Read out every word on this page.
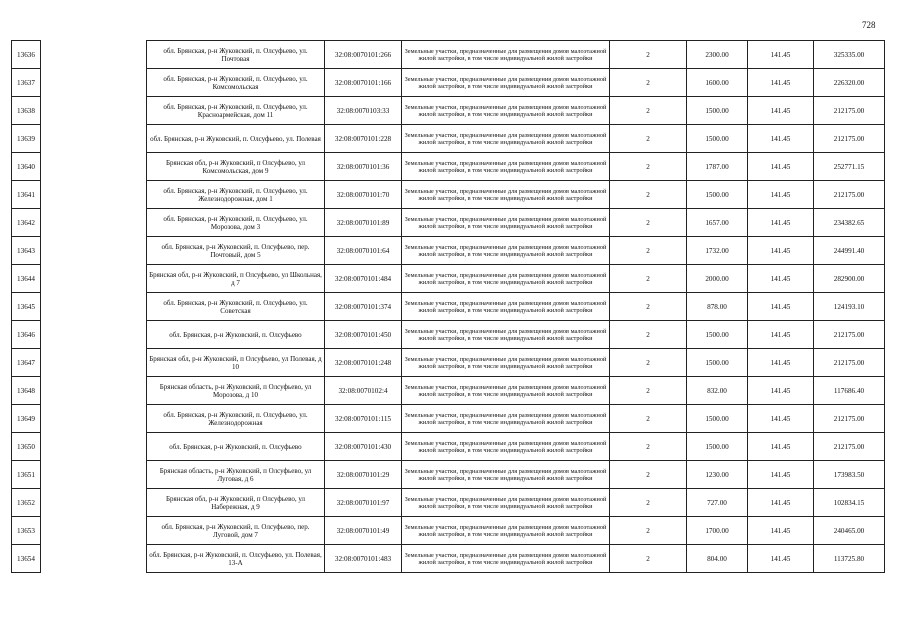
728
13636		обл. Брянская, р-н Жуковский, п. Олсуфьево, ул. Почтовая	32:08:0070101:266	Земельные участки, предназначенные для размещения домов малоэтажной жилой застройки, в том числе индивидуальной жилой застройки	2	2300.00	141.45	325335.00
13637		обл. Брянская, р-н Жуковский, п. Олсуфьево, ул. Комсомольская	32:08:0070101:166	Земельные участки, предназначенные для размещения домов малоэтажной жилой застройки, в том числе индивидуальной жилой застройки	2	1600.00	141.45	226320.00
13638		обл. Брянская, р-н Жуковский, п. Олсуфьево, ул. Красноармейская, дом 11	32:08:0070103:33	Земельные участки, предназначенные для размещения домов малоэтажной жилой застройки, в том числе индивидуальной жилой застройки	2	1500.00	141.45	212175.00
13639		обл. Брянская, р-н Жуковский, п. Олсуфьево, ул. Полевая	32:08:0070101:228	Земельные участки, предназначенные для размещения домов малоэтажной жилой застройки, в том числе индивидуальной жилой застройки	2	1500.00	141.45	212175.00
13640		Брянская обл, р-н Жуковский, п Олсуфьево, ул Комсомольская, дом 9	32:08:0070101:36	Земельные участки, предназначенные для размещения домов малоэтажной жилой застройки, в том числе индивидуальной жилой застройки	2	1787.00	141.45	252771.15
13641		обл. Брянская, р-н Жуковский, п. Олсуфьево, ул. Железнодорожная, дом 1	32:08:0070101:70	Земельные участки, предназначенные для размещения домов малоэтажной жилой застройки, в том числе индивидуальной жилой застройки	2	1500.00	141.45	212175.00
13642		обл. Брянская, р-н Жуковский, п. Олсуфьево, ул. Морозова, дом 3	32:08:0070101:89	Земельные участки, предназначенные для размещения домов малоэтажной жилой застройки, в том числе индивидуальной жилой застройки	2	1657.00	141.45	234382.65
13643		обл. Брянская, р-н Жуковский, п. Олсуфьево, пер. Почтовый, дом 5	32:08:0070101:64	Земельные участки, предназначенные для размещения домов малоэтажной жилой застройки, в том числе индивидуальной жилой застройки	2	1732.00	141.45	244991.40
13644		Брянская обл, р-н Жуковский, п Олсуфьево, ул Школьная, д 7	32:08:0070101:484	Земельные участки, предназначенные для размещения домов малоэтажной жилой застройки, в том числе индивидуальной жилой застройки	2	2000.00	141.45	282900.00
13645		обл. Брянская, р-н Жуковский, п. Олсуфьево, ул. Советская	32:08:0070101:374	Земельные участки, предназначенные для размещения домов малоэтажной жилой застройки, в том числе индивидуальной жилой застройки	2	878.00	141.45	124193.10
13646		обл. Брянская, р-н Жуковский, п. Олсуфьево	32:08:0070101:450	Земельные участки, предназначенные для размещения домов малоэтажной жилой застройки, в том числе индивидуальной жилой застройки	2	1500.00	141.45	212175.00
13647		Брянская обл, р-н Жуковский, п Олсуфьево, ул Полевая, д 10	32:08:0070101:248	Земельные участки, предназначенные для размещения домов малоэтажной жилой застройки, в том числе индивидуальной жилой застройки	2	1500.00	141.45	212175.00
13648		Брянская область, р-н Жуковский, п Олсуфьево, ул Морозова, д 10	32:08:0070102:4	Земельные участки, предназначенные для размещения домов малоэтажной жилой застройки, в том числе индивидуальной жилой застройки	2	832.00	141.45	117686.40
13649		обл. Брянская, р-н Жуковский, п. Олсуфьево, ул. Железнодорожная	32:08:0070101:115	Земельные участки, предназначенные для размещения домов малоэтажной жилой застройки, в том числе индивидуальной жилой застройки	2	1500.00	141.45	212175.00
13650		обл. Брянская, р-н Жуковский, п. Олсуфьево	32:08:0070101:430	Земельные участки, предназначенные для размещения домов малоэтажной жилой застройки, в том числе индивидуальной жилой застройки	2	1500.00	141.45	212175.00
13651		Брянская область, р-н Жуковский, п Олсуфьево, ул Луговая, д 6	32:08:0070101:29	Земельные участки, предназначенные для размещения домов малоэтажной жилой застройки, в том числе индивидуальной жилой застройки	2	1230.00	141.45	173983.50
13652		Брянская обл, р-н Жуковский, п Олсуфьево, ул Набережная, д 9	32:08:0070101:97	Земельные участки, предназначенные для размещения домов малоэтажной жилой застройки, в том числе индивидуальной жилой застройки	2	727.00	141.45	102834.15
13653		обл. Брянская, р-н Жуковский, п. Олсуфьево, пер. Луговой, дом 7	32:08:0070101:49	Земельные участки, предназначенные для размещения домов малоэтажной жилой застройки, в том числе индивидуальной жилой застройки	2	1700.00	141.45	240465.00
13654		обл. Брянская, р-н Жуковский, п. Олсуфьево, ул. Полевая, 13-А	32:08:0070101:483	Земельные участки, предназначенные для размещения домов малоэтажной жилой застройки, в том числе индивидуальной жилой застройки	2	804.00	141.45	113725.80
